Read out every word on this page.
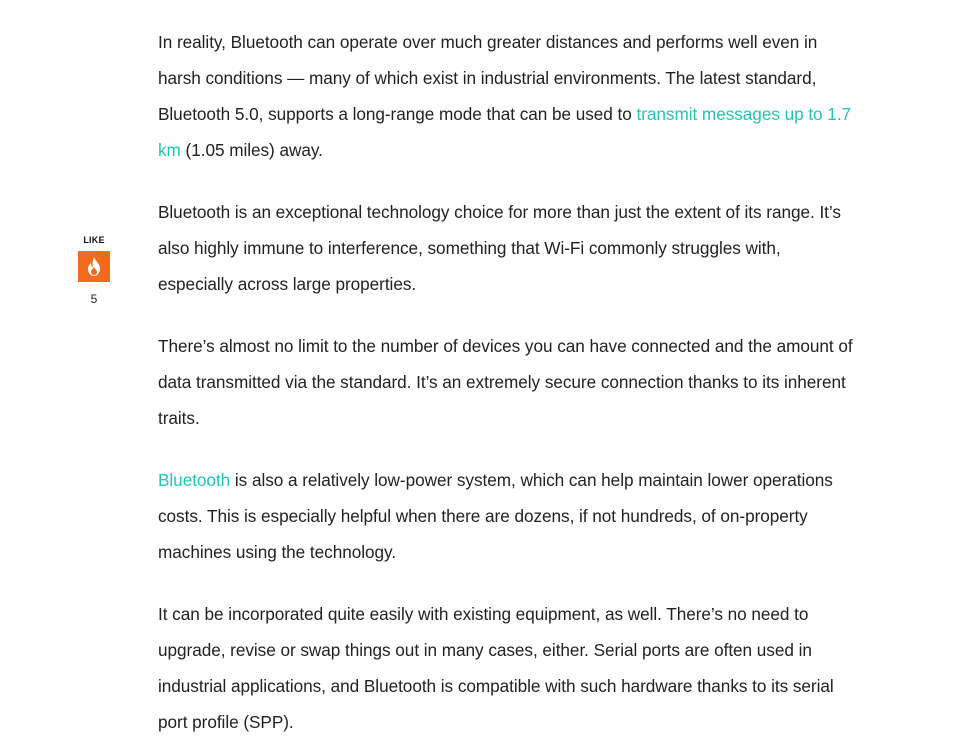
LIKE
5

In reality, Bluetooth can operate over much greater distances and performs well even in harsh conditions — many of which exist in industrial environments. The latest standard, Bluetooth 5.0, supports a long-range mode that can be used to transmit messages up to 1.7 km (1.05 miles) away.

Bluetooth is an exceptional technology choice for more than just the extent of its range. It’s also highly immune to interference, something that Wi-Fi commonly struggles with, especially across large properties.

There’s almost no limit to the number of devices you can have connected and the amount of data transmitted via the standard. It’s an extremely secure connection thanks to its inherent traits.

Bluetooth is also a relatively low-power system, which can help maintain lower operations costs. This is especially helpful when there are dozens, if not hundreds, of on-property machines using the technology.

It can be incorporated quite easily with existing equipment, as well. There’s no need to upgrade, revise or swap things out in many cases, either. Serial ports are often used in industrial applications, and Bluetooth is compatible with such hardware thanks to its serial port profile (SPP).
